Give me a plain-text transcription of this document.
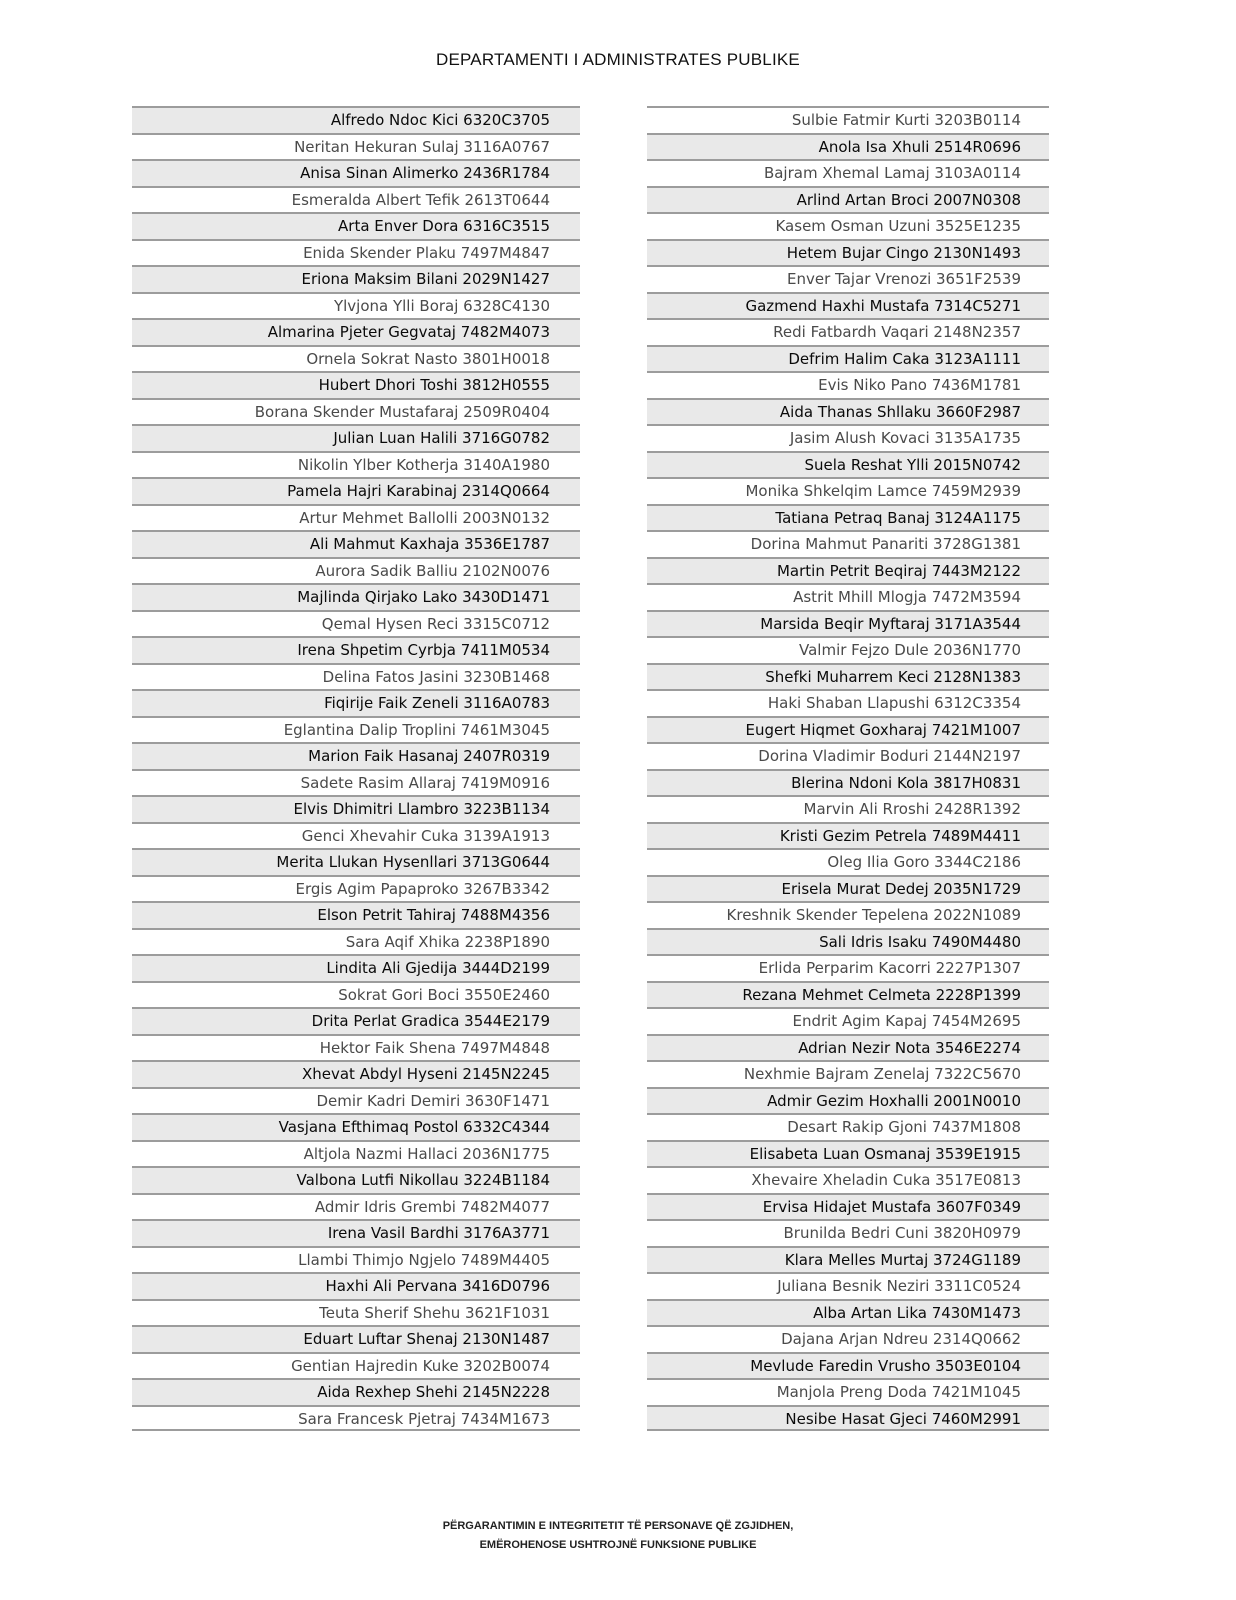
DEPARTAMENTI I ADMINISTRATES PUBLIKE
Alfredo Ndoc Kici 6320C3705
Neritan Hekuran Sulaj 3116A0767
Anisa Sinan Alimerko 2436R1784
Esmeralda Albert Tefik 2613T0644
Arta Enver Dora 6316C3515
Enida Skender Plaku 7497M4847
Eriona Maksim Bilani 2029N1427
Ylvjona Ylli Boraj 6328C4130
Almarina Pjeter Gegvataj 7482M4073
Ornela Sokrat Nasto 3801H0018
Hubert Dhori Toshi 3812H0555
Borana Skender Mustafaraj 2509R0404
Julian Luan Halili 3716G0782
Nikolin Ylber Kotherja 3140A1980
Pamela Hajri Karabinaj 2314Q0664
Artur Mehmet Ballolli 2003N0132
Ali Mahmut Kaxhaja 3536E1787
Aurora Sadik Balliu 2102N0076
Majlinda Qirjako Lako 3430D1471
Qemal Hysen Reci 3315C0712
Irena Shpetim Cyrbja 7411M0534
Delina Fatos Jasini 3230B1468
Fiqirije Faik Zeneli 3116A0783
Eglantina Dalip Troplini 7461M3045
Marion Faik Hasanaj 2407R0319
Sadete Rasim Allaraj 7419M0916
Elvis Dhimitri Llambro 3223B1134
Genci Xhevahir Cuka 3139A1913
Merita Llukan Hysenllari 3713G0644
Ergis Agim Papaproko 3267B3342
Elson Petrit Tahiraj 7488M4356
Sara Aqif Xhika 2238P1890
Lindita Ali Gjedija 3444D2199
Sokrat Gori Boci 3550E2460
Drita Perlat Gradica 3544E2179
Hektor Faik Shena 7497M4848
Xhevat Abdyl Hyseni 2145N2245
Demir Kadri Demiri 3630F1471
Vasjana Efthimaq Postol 6332C4344
Altjola Nazmi Hallaci 2036N1775
Valbona Lutfi Nikollau 3224B1184
Admir Idris Grembi 7482M4077
Irena Vasil Bardhi 3176A3771
Llambi Thimjo Ngjelo 7489M4405
Haxhi Ali Pervana 3416D0796
Teuta Sherif Shehu 3621F1031
Eduart Luftar Shenaj 2130N1487
Gentian Hajredin Kuke 3202B0074
Aida Rexhep Shehi 2145N2228
Sara Francesk Pjetraj 7434M1673
Sulbie Fatmir Kurti 3203B0114
Anola Isa Xhuli 2514R0696
Bajram Xhemal Lamaj 3103A0114
Arlind Artan Broci 2007N0308
Kasem Osman Uzuni 3525E1235
Hetem Bujar Cingo 2130N1493
Enver Tajar Vrenozi 3651F2539
Gazmend Haxhi Mustafa 7314C5271
Redi Fatbardh Vaqari 2148N2357
Defrim Halim Caka 3123A1111
Evis Niko Pano 7436M1781
Aida Thanas Shllaku 3660F2987
Jasim Alush Kovaci 3135A1735
Suela Reshat Ylli 2015N0742
Monika Shkelqim Lamce 7459M2939
Tatiana Petraq Banaj 3124A1175
Dorina Mahmut Panariti 3728G1381
Martin Petrit Beqiraj 7443M2122
Astrit Mhill Mlogja 7472M3594
Marsida Beqir Myftaraj 3171A3544
Valmir Fejzo Dule 2036N1770
Shefki Muharrem Keci 2128N1383
Haki Shaban Llapushi 6312C3354
Eugert Hiqmet Goxharaj 7421M1007
Dorina Vladimir Boduri 2144N2197
Blerina Ndoni Kola 3817H0831
Marvin Ali Rroshi 2428R1392
Kristi Gezim Petrela 7489M4411
Oleg Ilia Goro 3344C2186
Erisela Murat Dedej 2035N1729
Kreshnik Skender Tepelena 2022N1089
Sali Idris Isaku 7490M4480
Erlida Perparim Kacorri 2227P1307
Rezana Mehmet Celmeta 2228P1399
Endrit Agim Kapaj 7454M2695
Adrian Nezir Nota 3546E2274
Nexhmie Bajram Zenelaj 7322C5670
Admir Gezim Hoxhalli 2001N0010
Desart Rakip Gjoni 7437M1808
Elisabeta Luan Osmanaj 3539E1915
Xhevaire Xheladin Cuka 3517E0813
Ervisa Hidajet Mustafa 3607F0349
Brunilda Bedri Cuni 3820H0979
Klara Melles Murtaj 3724G1189
Juliana Besnik Neziri 3311C0524
Alba Artan Lika 7430M1473
Dajana Arjan Ndreu 2314Q0662
Mevlude Faredin Vrusho 3503E0104
Manjola Preng Doda 7421M1045
Nesibe Hasat Gjeci 7460M2991
PËRGARANTIMIN E INTEGRITETIT TË PERSONAVE QË ZGJIDHEN,
EMËROHENOSE USHTROJNË FUNKSIONE PUBLIKE
